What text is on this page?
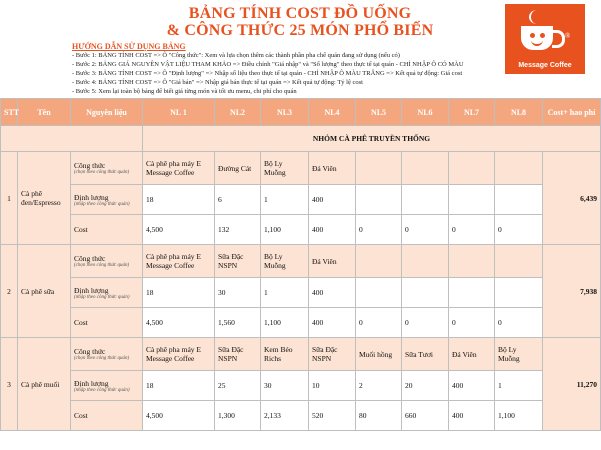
BẢNG TÍNH COST ĐỒ UỐNG
& CÔNG THỨC 25 MÓN PHỔ BIẾN	®
Message Coffee
HƯỚNG DẪN SỬ DỤNG BẢNG
- Bước 1: BẢNG TÍNH COST => Ô "Công thức": Xem và lựa chọn thêm các thành phần pha chế quán đang sử dụng (nếu có)
- Bước 2: BẢNG GIÁ NGUYÊN VẬT LIỆU THAM KHẢO => Điều chỉnh "Giá nhập" và "Số lượng" theo thực tế tại quán - CHỈ NHẬP Ô CÓ MÀU
- Bước 3: BẢNG TÍNH COST => Ô "Định lượng" => Nhập số liệu theo thực tế tại quán - CHỈ NHẬP Ô MÀU TRẮNG => Kết quả tự động: Giá cost
- Bước 4: BẢNG TÍNH COST => Ô "Giá bán" => Nhập giá bán thực tế tại quán => Kết quả tự động: Tỷ lệ cost
- Bước 5: Xem lại toàn bộ bảng để biết giá từng món và tối ưu menu, chi phí cho quán
STT	Tên	Nguyên liệu	NL 1	NL2	NL3	NL4	NL5	NL6	NL7	NL8	Cost+ hao phí
			NHÓM CÀ PHÊ TRUYỀN THỐNG								
1	Cà phê đen/Espresso	Công thức
(chọn theo công thức quán)	Cà phê pha máy E Message Coffee	Đường Cát	Bộ Ly Muỗng	Đá Viên					6,439
		Định lượng
(nhập theo công thức quán)	18	6	1	400					
		Cost	4,500	132	1,100	400	0	0	0	0	
2	Cà phê sữa	Công thức
(chọn theo công thức quán)	Cà phê pha máy E Message Coffee	Sữa Đặc NSPN	Bộ Ly Muỗng	Đá Viên					7,938
		Định lượng
(nhập theo công thức quán)	18	30	1	400					
		Cost	4,500	1,560	1,100	400	0	0	0	0	
3	Cà phê muối	Công thức
(chọn theo công thức quán)	Cà phê pha máy E Message Coffee	Sữa Đặc NSPN	Kem Béo Richs	Sữa Đặc NSPN	Muối hồng	Sữa Tươi	Đá Viên	Bộ Ly Muỗng	11,270
		Định lượng
(nhập theo công thức quán)	18	25	30	10	2	20	400	1	
		Cost	4,500	1,300	2,133	520	80	660	400	1,100	
